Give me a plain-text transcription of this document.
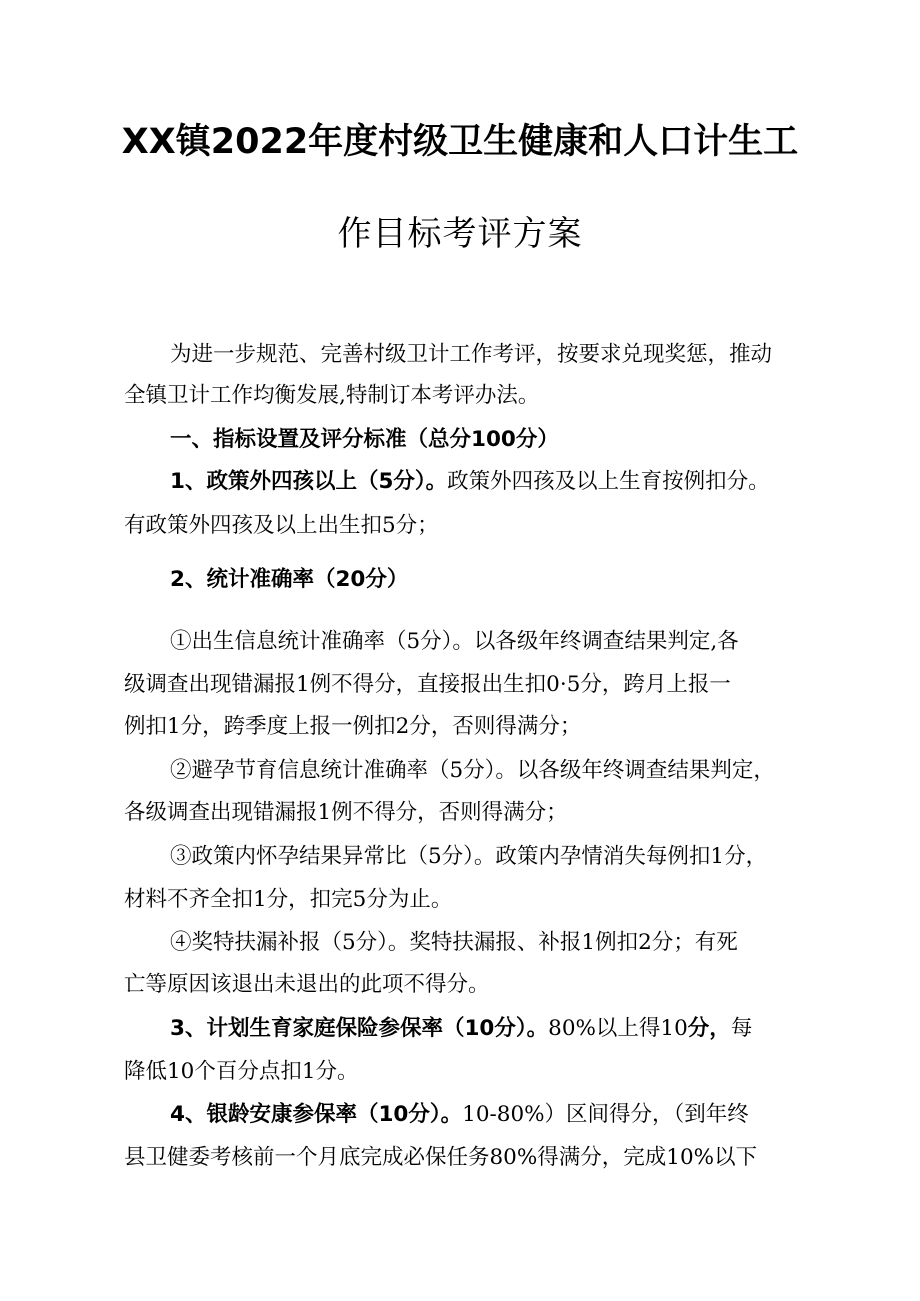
XX镇2022年度村级卫生健康和人口计生工
作目标考评方案
为进一步规范、完善村级卫计工作考评，按要求兑现奖惩，推动
全镇卫计工作均衡发展,特制订本考评办法。
一、指标设置及评分标准（总分100分）
1、政策外四孩以上（5分）。政策外四孩及以上生育按例扣分。
有政策外四孩及以上出生扣5分；
2、统计准确率（20分）
①出生信息统计准确率（5分）。以各级年终调查结果判定,各
级调查出现错漏报1例不得分，直接报出生扣0·5分，跨月上报一
例扣1分，跨季度上报一例扣2分，否则得满分；
②避孕节育信息统计准确率（5分）。以各级年终调查结果判定，
各级调查出现错漏报1例不得分，否则得满分；
③政策内怀孕结果异常比（5分）。政策内孕情消失每例扣1分，
材料不齐全扣1分，扣完5分为止。
④奖特扶漏补报（5分）。奖特扶漏报、补报1例扣2分；有死
亡等原因该退出未退出的此项不得分。
3、计划生育家庭保险参保率（10分）。80%以上得10分，每
降低10个百分点扣1分。
4、银龄安康参保率（10分）。10-80%）区间得分，（到年终
县卫健委考核前一个月底完成必保任务80%得满分，完成10%以下
